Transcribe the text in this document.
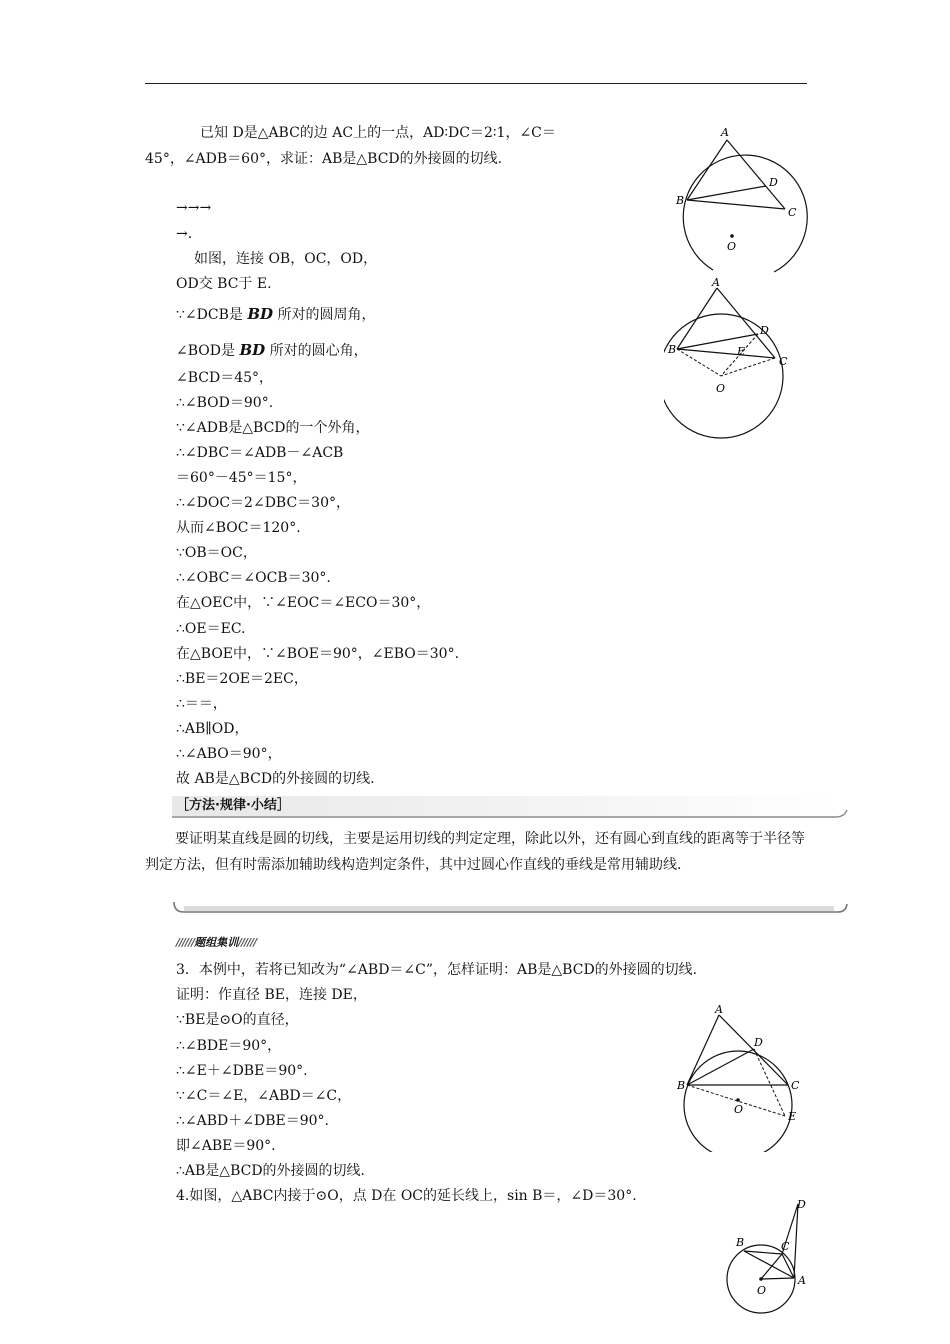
已知 D是△ABC的边 AC上的一点，AD∶DC＝2∶1，∠C＝
45°，∠ADB＝60°，求证：AB是△BCD的外接圆的切线.
→→→
→.
如图，连接 OB，OC，OD，
OD交 BC于 E.
∵∠DCB是 BD 所对的圆周角，
∠BOD是 BD 所对的圆心角，
∠BCD＝45°，
∴∠BOD＝90°.
∵∠ADB是△BCD的一个外角，
∴∠DBC＝∠ADB－∠ACB
＝60°－45°＝15°，
∴∠DOC＝2∠DBC＝30°，
从而∠BOC＝120°.
∵OB＝OC，
∴∠OBC＝∠OCB＝30°.
在△OEC中，∵∠EOC＝∠ECO＝30°，
∴OE＝EC.
在△BOE中，∵∠BOE＝90°，∠EBO＝30°.
∴BE＝2OE＝2EC，
∴＝＝，
∴AB∥OD，
∴∠ABO＝90°，
故 AB是△BCD的外接圆的切线.
［方法·规律·小结］

要证明某直线是圆的切线，主要是运用切线的判定定理，除此以外，还有圆心到直线的距离等于半径等判定方法，但有时需添加辅助线构造判定条件，其中过圆心作直线的垂线是常用辅助线.

//////题组集训//////
3．本例中，若将已知改为“∠ABD＝∠C”，怎样证明：AB是△BCD的外接圆的切线.
证明：作直径 BE，连接 DE，
∵BE是⊙O的直径，
∴∠BDE＝90°，
∴∠E＋∠DBE＝90°.
∵∠C＝∠E，∠ABD＝∠C，
∴∠ABD＋∠DBE＝90°.
即∠ABE＝90°.
∴AB是△BCD的外接圆的切线.
4.如图，△ABC内接于⊙O，点 D在 OC的延长线上，sin B＝，∠D＝30°.
A
B
C
D
O
A
B
C
D
E
O
A
B	C
D
E
O
D
B	C
A
O
